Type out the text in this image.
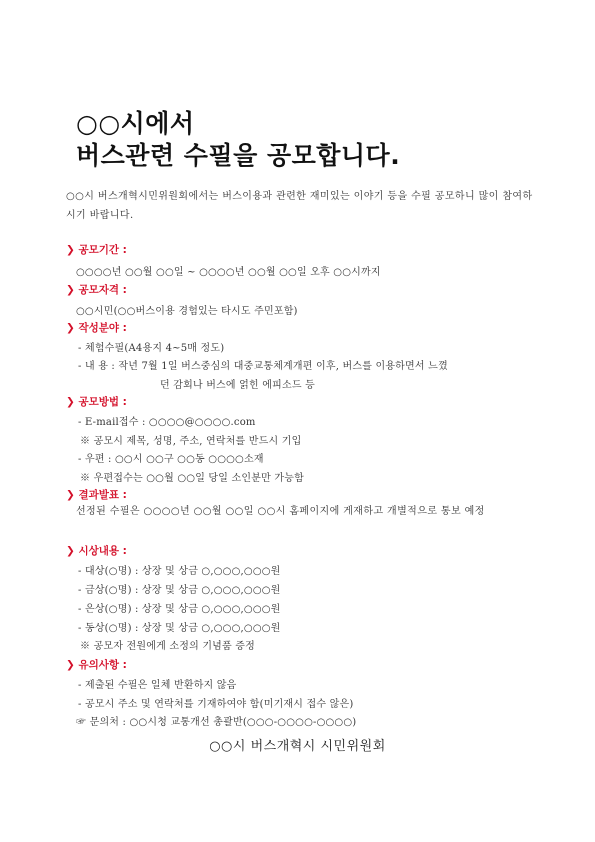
○○시에서
버스관련 수필을 공모합니다.

○○시 버스개혁시민위원회에서는 버스이용과 관련한 재미있는 이야기 등을 수필 공모하니 많이 참여하시기 바랍니다.

❯ 공모기간 :
○○○○년 ○○월 ○○일 ~ ○○○○년 ○○월 ○○일 오후 ○○시까지
❯ 공모자격 :
○○시민(○○버스이용 경험있는 타시도 주민포함)
❯ 작성분야 :
- 체험수필(A4용지 4~5매 정도)
- 내 용 : 작년 7월 1일 버스중심의 대중교통체계개편 이후, 버스를 이용하면서 느꼈
던 감회나 버스에 얽힌 에피소드 등
❯ 공모방법 :
- E-mail접수 : ○○○○@○○○○.com
※ 공모시 제목, 성명, 주소, 연락처를 반드시 기입
- 우편 : ○○시 ○○구 ○○동 ○○○○소재
※ 우편접수는 ○○월 ○○일 당일 소인분만 가능함
❯ 결과발표 :
선정된 수필은 ○○○○년 ○○월 ○○일 ○○시 홈페이지에 게재하고 개별적으로 통보 예정
❯ 시상내용 :
- 대상(○명) : 상장 및 상금 ○,○○○,○○○원
- 금상(○명) : 상장 및 상금 ○,○○○,○○○원
- 은상(○명) : 상장 및 상금 ○,○○○,○○○원
- 동상(○명) : 상장 및 상금 ○,○○○,○○○원
※ 공모자 전원에게 소정의 기념품 증정
❯ 유의사항 :
- 제출된 수필은 일체 반환하지 않음
- 공모시 주소 및 연락처를 기재하여야 함(미기재시 접수 않은)
☞ 문의처 : ○○시청 교통개선 총괄반(○○○-○○○○-○○○○)
○○시 버스개혁시 시민위원회
